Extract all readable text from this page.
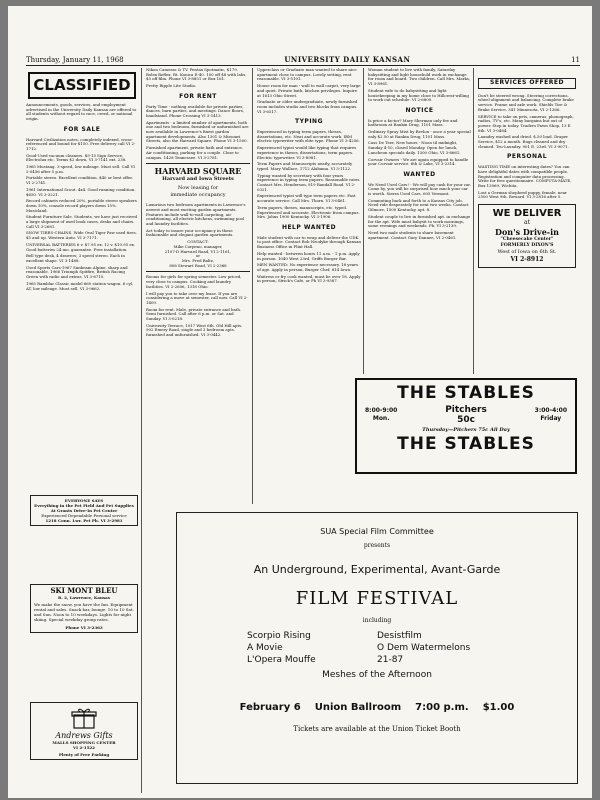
Thursday, January 11, 1968	UNIVERSITY DAILY KANSAN	11
CLASSIFIED

Announcements, goods, services, and employment advertised in the University Daily Kansan are offered to all students without regard to race, creed, or national origin.

FOR SALE

Harvard Civilization notes, completely indexed, cross-referenced and bound for $150. Free delivery call VI 2-1712.

Good-Used vacuum cleaners. $5-15 Sign Service, Electrolux etc. Terms $2 down, VI 3-7141 ext. 238.

1965 Mustang. 3-speed, low mileage. Must sell. Call VI 2-0456 after 5 p.m.

Portable stereo. Excellent condition. $40 or best offer. VI 2-2741.

1961 International Scout. 4x4. Good running condition. $650. VI 3-3221.

Record cabinets reduced 20%, portable stereo speakers down 10%, console record players down 15%. Musicland.

Student Furniture Sale. Students, we have just received a large shipment of used book cases, desks and chairs. Call VI 3-2681.

SNOW TIRES-CHAINS. Wide Oval Tiger Paw used tires. $5 and up. Western Auto. VI 3-7171.

UNIVERSAL BATTERIES 6 v. $7.95 ex. 12 v. $10.95 ex. Good batteries 24 mo. guarantee. Free installation.

Bell type desk, 4 drawers; 3 speed stereo. Each in excellent shape. VI 3-1488.

Used Sports Cars-1967 Sunbeam Alpine, sharp and reasonable. 1966 Triumph Spitfire, British Racing Green with radio and extras. VI 3-6715.

1965 Ramblar Classic model 660 station wagon. 6 cyl, AT, low mileage. Must sell. VI 3-9662.

EVERYONE SAYS
Everything in the Pet Field And Pet Supplies At Grants Drive-In Pet Center
Experienced Dependable Personal service
1218 Conn. Lwr. Pet Ph. VI 3-2981
SKI MONT BLEU
R. 2, Lawrence, Kansas
We make the snow, you have the fun. Equipment rental and sales. Snack bar, lounge. 10 to 10 Sat. and Sun. Noon to 10 weekdays. Lights for night skiing. Special weekday group rates.
Phone VI 3-2363
Andrews Gifts
MALLS SHOPPING CENTER
VI 2-1522
Plenty of Free Parking

Nikon Cameras & TV. Pentax Spotmatic, $179. Bolex Reflex. Rt. Konica E-40. 100 off $8 with labs. $5 off film. Phone VI 3-8851 or Box 161.

Pretty Ripple Lite Studio.

FOR RENT

Party Time - nothing available for private parties, dances, barn parties, and meetings. Dance floors, bandstand. Phone Crossing VI 3-1413.

Apartments - a limited number of apartments, both one and two bedroom, furnished or unfurnished are now available in Lawrence's finest garden apartment developments. Also 1301 & Missouri Streets, also the Harvard Square. Phone VI 3-1500.

Furnished apartment, private bath and entrance. Air conditioning, parking for a couple. Close to campus. 1428 Tennessee. VI 3-2781.

HARVARD SQUARE
Harvard and Iowa Streets
Now leasing for
immediate occupancy

Luxurious two bedroom apartments in Lawrence's newest and most exciting garden apartments. Features include wall-to-wall carpeting, air conditioning, all electric kitchens, swimming pool and laundry facilities.

Act today to insure your occupancy in these fashionable and elegant garden apartments.

CONTACT:
Mike Corpeno, manager,
2107-D Harvard Road, VI 2-1161,
or
Mrs. Fred Baltz,
808 Stewart Road, VI 2-2368

Rooms for girls for spring semester. Low priced, very close to campus. Cooking and laundry facilities. VI 2-2606, 1318 Ohio.

I will pay you to take over my lease. If you are considering a move at semester, call now. Call VI 2-1409.

Room for rent. Male, private entrance and bath. Semi furnished. Call after 6 p.m. or Sat. and Sunday. VI 3-0218.

University Terrace, 1017 West 6th. Old Hill apts. 902 Emery Road, single and 3 bedroom apts. furnished and unfurnished. VI 3-0442.

Upperclass or Graduate man wanted to share nice apartment close to campus. Lovely setting, rent reasonable. VI 3-5101.

House room for man - wall to wall carpet, very large and quiet. Private bath, kitchen privileges. Inquire at 1613 Ohio Street.

Graduate or older undergraduate, newly furnished room includes studio and two blocks from campus. VI 3-6517.

TYPING

Experienced in typing term papers, theses, dissertations, etc. Neat and accurate work. IBM electric typewriter with elite type. Phone VI 3-4256.

Experienced typist would like typing that requires experience in theses, dissertations, term papers. Electric typewriter. VI 3-8981.

Term Papers and Manuscripts neatly, accurately typed. Mary Wallace, 1712 Alabama. VI 3-1122.

Typing wanted by secretary with four years experience in typing term papers. Reasonable rates. Contact Mrs. Henderson, 819 Randall Road. VI 2-0321.

Experienced typist will type term papers etc. Fast accurate service. Call Mrs. Thorn. VI 3-0461.

Term papers, theses, manuscripts, etc. typed. Experienced and accurate. Electronic from campus. Mrs. Johns 1900 Kentucky. VI 3-1906.

HELP WANTED

Male student with car to wrap and deliver the UDK to post office. Contact Bob Neodyke through Kansan Business Office in Flint Hall.

Help wanted - between hours 11 a.m. - 1 p.m. Apply in person. 1040 West 23rd, Griffs Burger Bar.

MEN WANTED: No experience necessary. 18 years of age. Apply in person, Burger Chef, 814 Iowa.

Waitress or fry cook wanted, must be over 18. Apply in person, Strick's Cafe, or Ph VI 3-9387.

Woman student to live with family, Saturday babysitting and light household work in exchange for room and board. Two children. Call Mrs. Marks, VI 3-8961.

Student wife to do babysitting and light housekeeping in my home close to Hillcrest-willing to work out schedule. VI 2-6800.

NOTICE

Is price a factor? Mary Sherman only fee and bathroom at Rankin Drug, 1101 Mass.

Ordinary Spray Mist by Revlon - once a year special only $2.50 at Rankin Drug, 1101 Mass.

Cass De Teer, New hours - Noon til midnight, Sunday 4-10, closed Monday. Open for lunch, Luncheon specials daily. 1300 Ohio, VI 3-8661.

Corvair Owners - We are again equipped to handle your Corvair service. 6th & Lake, VI 3-2314.

WANTED

We Need Used Cars! - We will pay cash for your car. Come by, you will be surprised how much your car is worth. Sierra Used Cars, 605 Vermont.

Commuting back and forth to a Kansas City job. Need ride desperately for next two weeks. Contact Gilmore, 1500 Kentucky, apt. 8.

Student couple to live in furnished apt. in exchange for the apt. Wife must babysit to work mornings, some evenings and weekends. Ph. VI 3-2139.

Need two male students to share basement apartment. Contact Gary Dannee, VI 2-0461.

SERVICES OFFERED

Don't be steered wrong. Steering corrections, wheel alignment and balancing. Complete brake service. Frame and axle work. Shields Tire & Brake Service, 341 Minnesota, VI 2-1366.

SERVICE to take on pets, cameras, phonograph, radios, TV's, etc. Many bargains but out of power. Stop in today. Traders Pawn Shop, 13 E 8th. VI 3-0484.

Laundry washed and dried. $.50 load. Draper Service, $12 a month. Rugs cleaned and dry cleaned. Tru-Laundry. 901 E. 23rd. VI 3-9071.

PERSONAL

WASTING TIME on interesting dates? You can have delightful dates with compatible people. Registration and computer data processing. Write for free questionnaire. COMPUTA-MATE, Box 13069, Wichita.

Lost a German shepherd puppy, female, near 2500 West 9th. Reward. VI 3-2816 after 5.

WE DELIVER
at
Don's Drive-in
"Cheesecake Center"
FORMERLY DIXON'S
West of Iowa on 6th St.
VI 2-8912
THE STABLES
8:00-9:00
Mon.
Pitchers
50c
3:00-4:00
Friday
Thursday—Pitchers 75c All Day
THE STABLES
SUA Special Film Committee
presents
An Underground, Experimental, Avant-Garde
FILM FESTIVAL
including
Scorpio Rising	Desistfilm
A Movie	O Dem Watermelons
L'Opera Mouffe	21-87
Meshes of the Afternoon
February 6 Union Ballroom 7:00 p.m. $1.00
Tickets are available at the Union Ticket Booth
